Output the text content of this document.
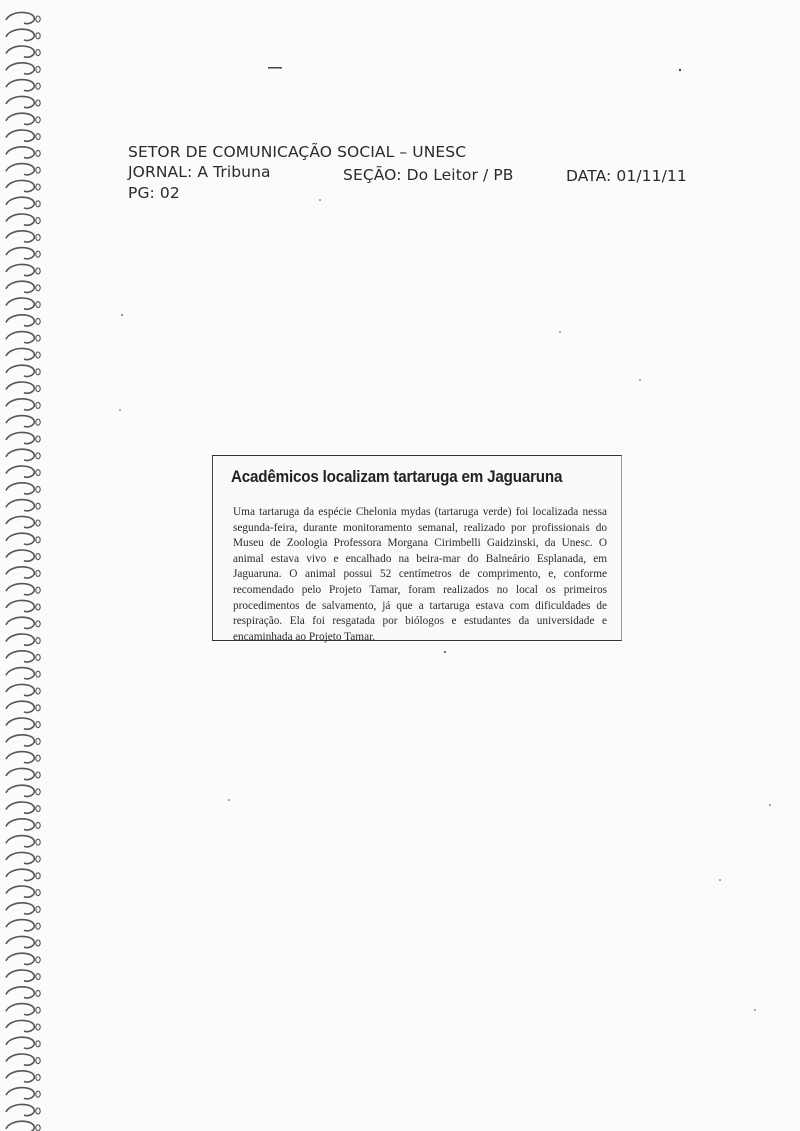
SETOR DE COMUNICAÇÃO SOCIAL – UNESC
JORNAL: A Tribuna	SEÇÃO: Do Leitor / PB	DATA: 01/11/11
PG: 02
Acadêmicos localizam tartaruga em Jaguaruna
Uma tartaruga da espécie Chelonia mydas (tartaruga verde) foi localizada nessa segunda-feira, durante monitoramento semanal, realizado por profissionais do Museu de Zoologia Professora Morgana Cirimbelli Gaidzinski, da Unesc. O animal estava vivo e encalhado na beira-mar do Balneário Esplanada, em Jaguaruna. O animal possui 52 centímetros de comprimento, e, conforme recomendado pelo Projeto Tamar, foram realizados no local os primeiros procedimentos de salvamento, já que a tartaruga estava com dificuldades de respiração. Ela foi resgatada por biólogos e estudantes da universidade e encaminhada ao Projeto Tamar.
